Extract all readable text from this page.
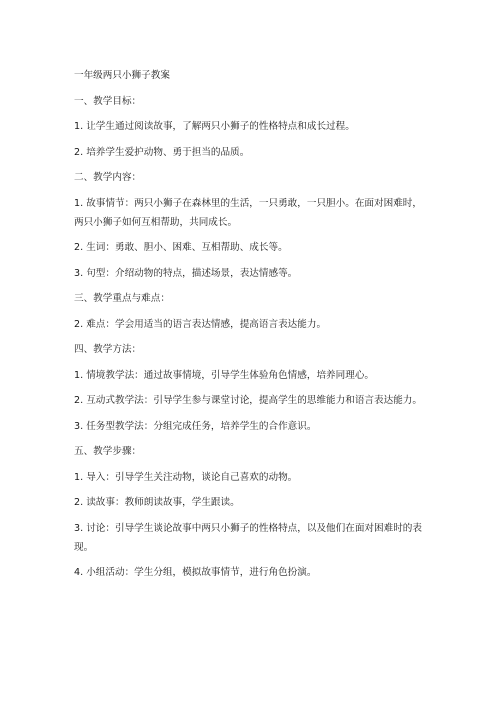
一年级两只小狮子教案

一、教学目标：

1. 让学生通过阅读故事，了解两只小狮子的性格特点和成长过程。

2. 培养学生爱护动物、勇于担当的品质。

二、教学内容：

1. 故事情节：两只小狮子在森林里的生活，一只勇敢，一只胆小。在面对困难时，两只小狮子如何互相帮助，共同成长。

2. 生词：勇敢、胆小、困难、互相帮助、成长等。

3. 句型：介绍动物的特点，描述场景，表达情感等。

三、教学重点与难点：

2. 难点：学会用适当的语言表达情感，提高语言表达能力。

四、教学方法：

1. 情境教学法：通过故事情境，引导学生体验角色情感，培养同理心。

2. 互动式教学法：引导学生参与课堂讨论，提高学生的思维能力和语言表达能力。

3. 任务型教学法：分组完成任务，培养学生的合作意识。

五、教学步骤：

1. 导入：引导学生关注动物，谈论自己喜欢的动物。

2. 读故事：教师朗读故事，学生跟读。

3. 讨论：引导学生谈论故事中两只小狮子的性格特点，以及他们在面对困难时的表现。

4. 小组活动：学生分组，模拟故事情节，进行角色扮演。
